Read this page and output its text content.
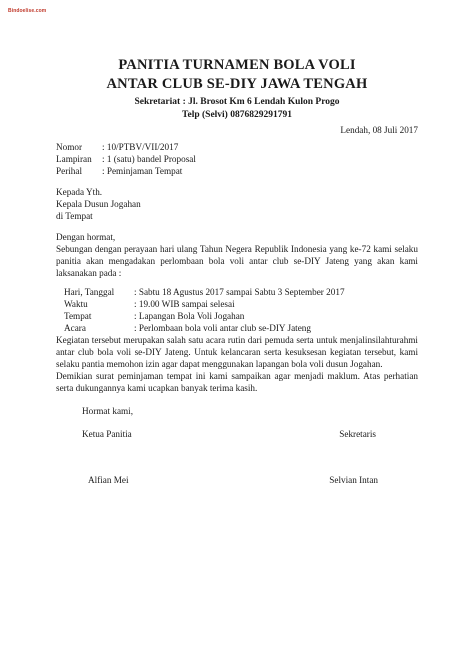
Bindoelise.com

PANITIA TURNAMEN BOLA VOLI

ANTAR CLUB SE-DIY JAWA TENGAH

Sekretariat : Jl. Brosot Km 6 Lendah Kulon Progo

Telp (Selvi) 0876829291791

Lendah, 08 Juli 2017

Nomor	: 10/PTBV/VII/2017
Lampiran	: 1 (satu) bandel Proposal
Perihal	: Peminjaman Tempat

Kepada Yth.

Kepala Dusun Jogahan

di Tempat

Dengan hormat,

Sebungan dengan perayaan hari ulang Tahun Negera Republik Indonesia yang ke-72 kami selaku panitia akan mengadakan perlombaan bola voli antar club se-DIY Jateng yang akan kami laksanakan pada :

Hari, Tanggal	: Sabtu 18 Agustus 2017 sampai Sabtu 3 September 2017
Waktu	: 19.00 WIB sampai selesai
Tempat	: Lapangan Bola Voli Jogahan
Acara	: Perlombaan bola voli antar club se-DIY Jateng

Kegiatan tersebut merupakan salah satu acara rutin dari pemuda serta untuk menjalinsilahturahmi antar club bola voli se-DIY Jateng. Untuk kelancaran serta kesuksesan kegiatan tersebut, kami selaku pantia memohon izin agar dapat menggunakan lapangan bola voli dusun Jogahan.

Demikian surat peminjaman tempat ini kami sampaikan agar menjadi maklum. Atas perhatian serta dukungannya kami ucapkan banyak terima kasih.

Hormat kami,

Ketua Panitia	Sekretaris
Alfian Mei	Selvian Intan
